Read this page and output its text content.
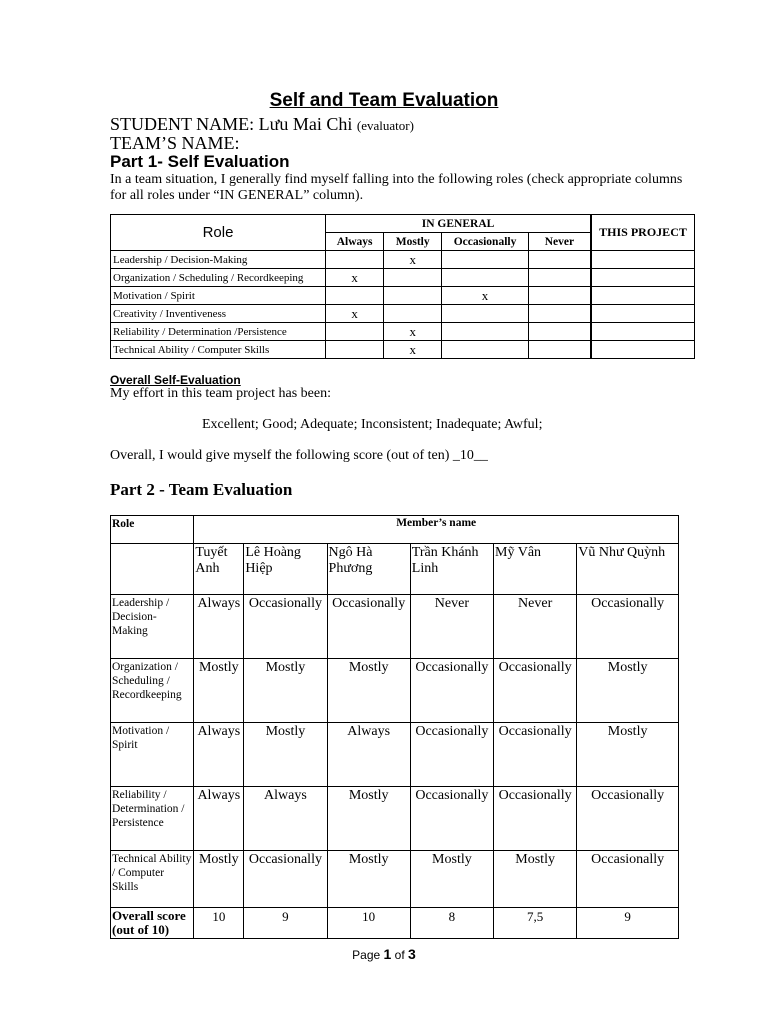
Self and Team Evaluation
STUDENT NAME: Lưu Mai Chi (evaluator)
TEAM’S NAME:
Part 1- Self Evaluation
In a team situation, I generally find myself falling into the following roles (check appropriate columns for all roles under “IN GENERAL” column).
Role	IN GENERAL				THIS PROJECT
	Always	Mostly	Occasionally	Never	
Leadership / Decision-Making		x			
Organization / Scheduling / Recordkeeping	x				
Motivation / Spirit			x		
Creativity / Inventiveness	x				
Reliability / Determination /Persistence		x			
Technical Ability / Computer Skills		x			
Overall Self-Evaluation
My effort in this team project has been:
Excellent; Good; Adequate; Inconsistent; Inadequate; Awful;
Overall, I would give myself the following score (out of ten) _10__
Part 2 - Team Evaluation
Role	Member’s name					
	Tuyết Anh	Lê Hoàng Hiệp	Ngô Hà Phương	Trần Khánh Linh	Mỹ Vân	Vũ Như Quỳnh
Leadership / Decision-Making	Always	Occasionally	Occasionally	Never	Never	Occasionally
Organization / Scheduling / Recordkeeping	Mostly	Mostly	Mostly	Occasionally	Occasionally	Mostly
Motivation / Spirit	Always	Mostly	Always	Occasionally	Occasionally	Mostly
Reliability / Determination / Persistence	Always	Always	Mostly	Occasionally	Occasionally	Occasionally
Technical Ability / Computer Skills	Mostly	Occasionally	Mostly	Mostly	Mostly	Occasionally
Overall score (out of 10)	10	9	10	8	7,5	9
Page 1 of 3
